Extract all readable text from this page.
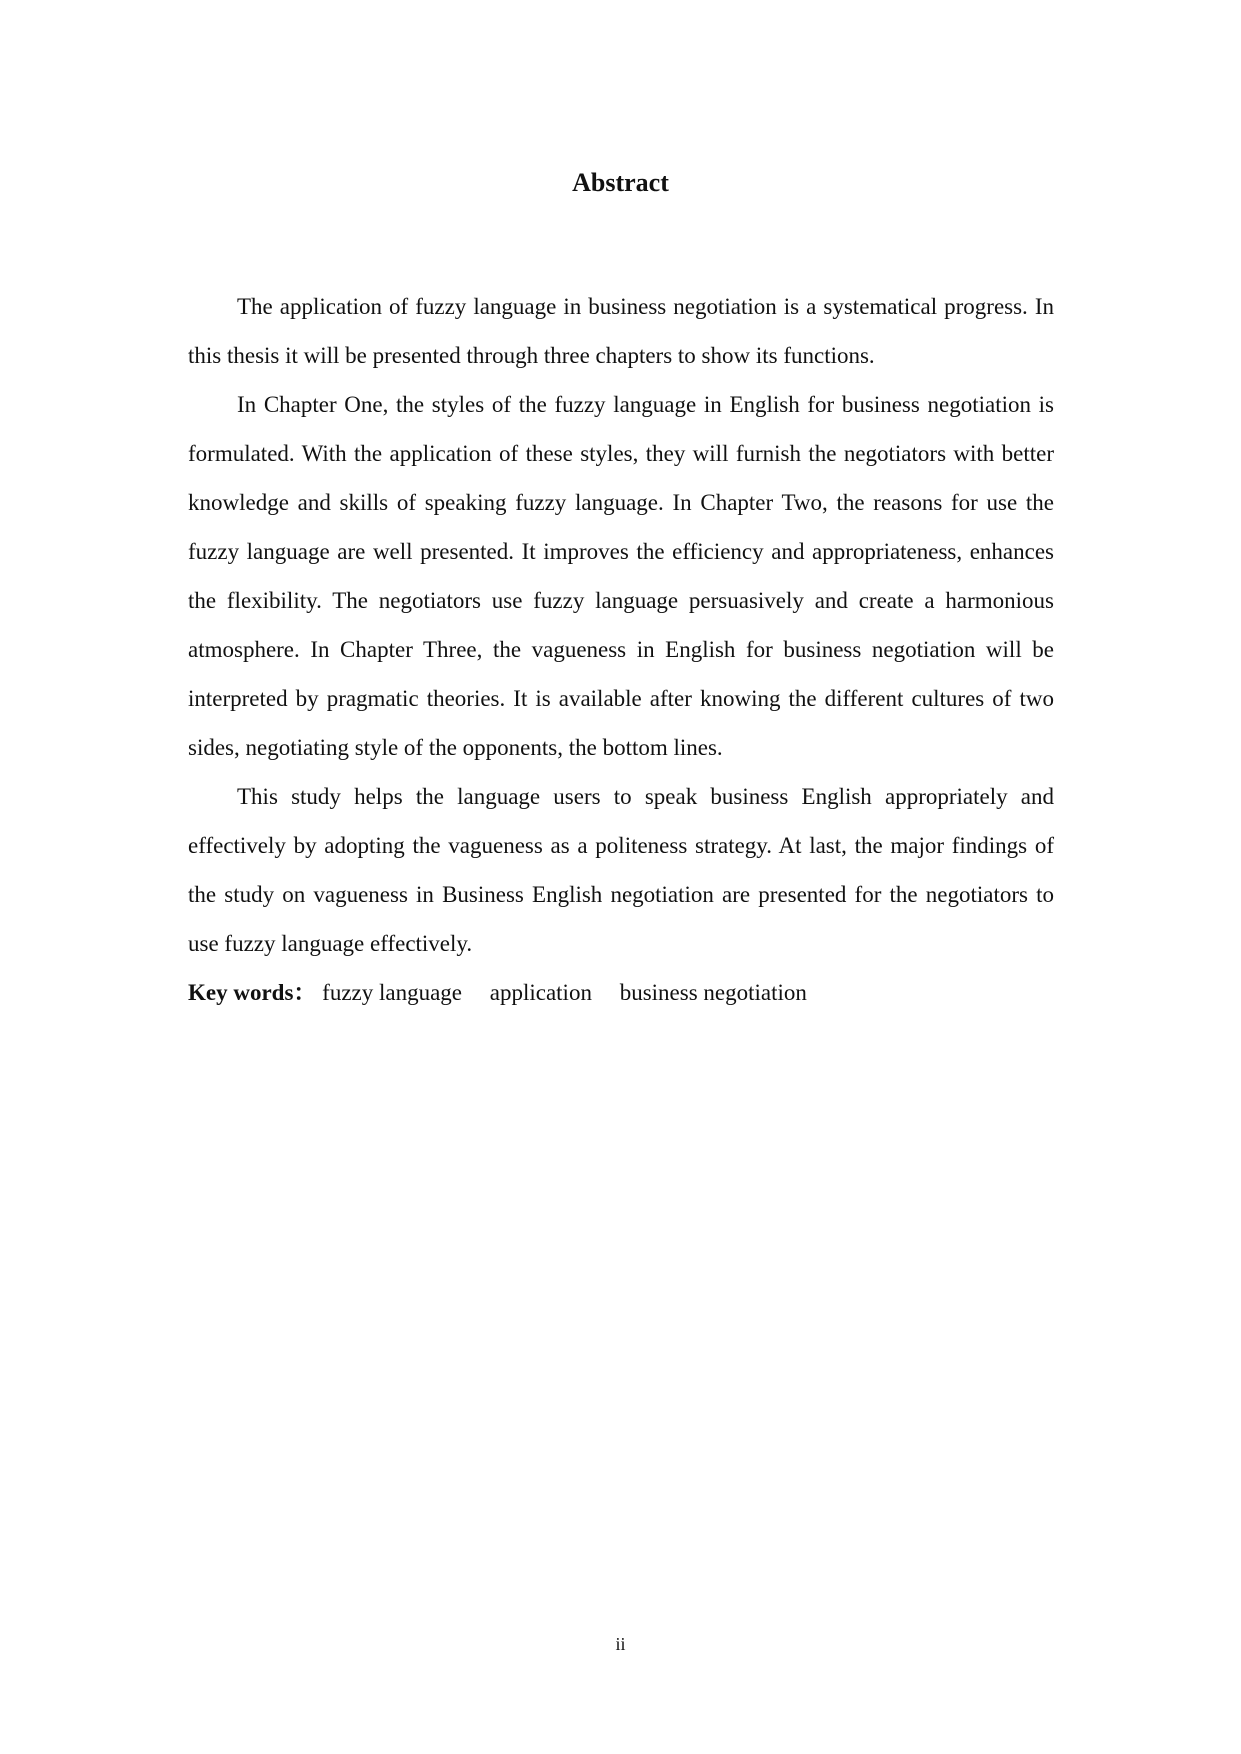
Abstract

The application of fuzzy language in business negotiation is a systematical progress. In this thesis it will be presented through three chapters to show its functions.

In Chapter One, the styles of the fuzzy language in English for business negotiation is formulated. With the application of these styles, they will furnish the negotiators with better knowledge and skills of speaking fuzzy language. In Chapter Two, the reasons for use the fuzzy language are well presented. It improves the efficiency and appropriateness, enhances the flexibility. The negotiators use fuzzy language persuasively and create a harmonious atmosphere. In Chapter Three, the vagueness in English for business negotiation will be interpreted by pragmatic theories. It is available after knowing the different cultures of two sides, negotiating style of the opponents, the bottom lines.

This study helps the language users to speak business English appropriately and effectively by adopting the vagueness as a politeness strategy. At last, the major findings of the study on vagueness in Business English negotiation are presented for the negotiators to use fuzzy language effectively.

Key words： fuzzy language application business negotiation
ii
